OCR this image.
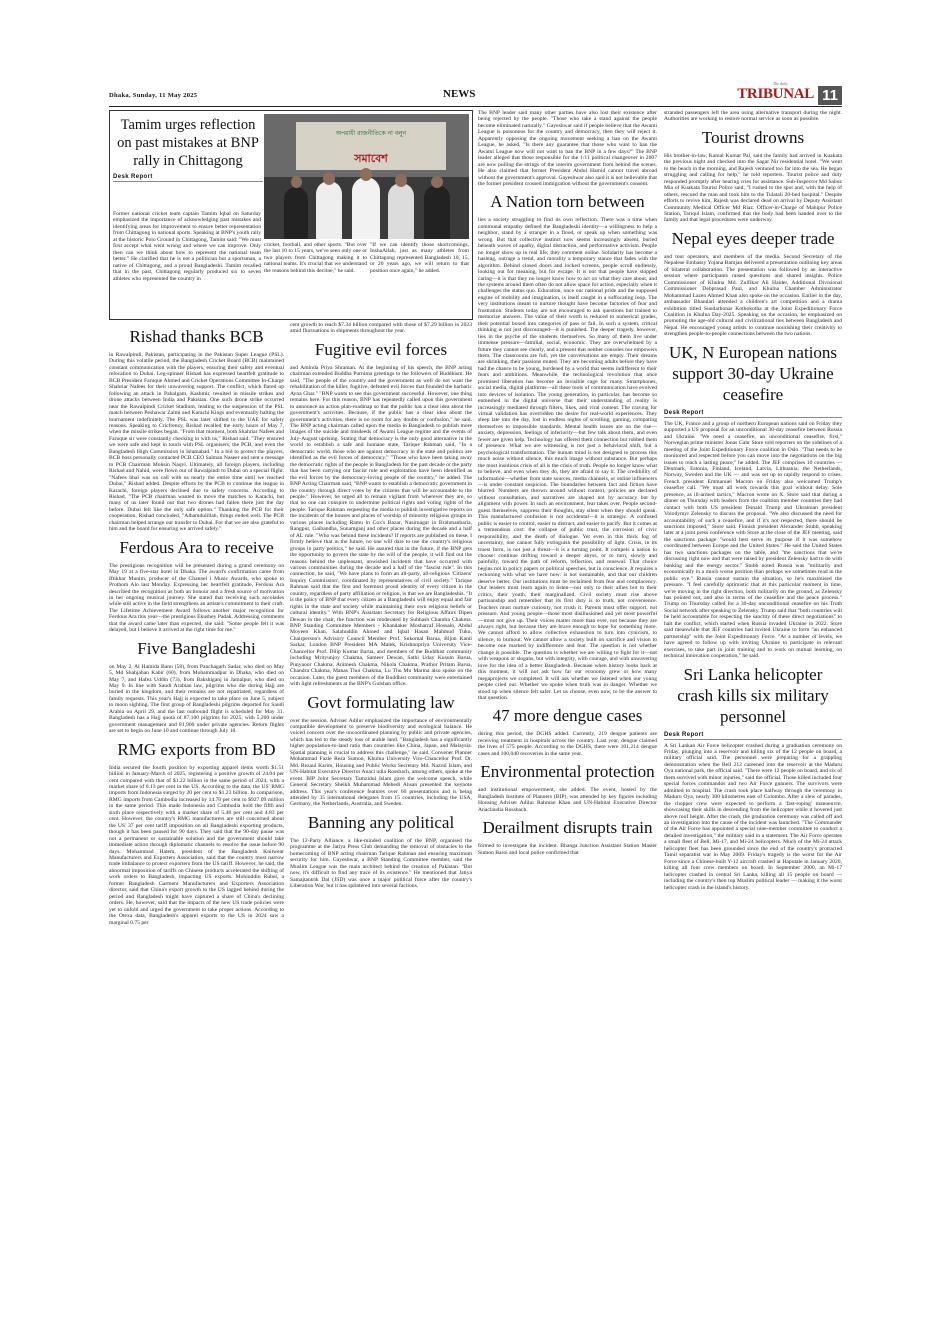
Dhaka, Sunday, 11 May 2025	NEWS
The daily
TRIBUNAL 11
Tamim urges reflection on past mistakes at BNP rally in Chittagong
Desk Report
অপরাধী রাজনীতিকে না বলুন
সমাবেশ
Former national cricket team captain Tamim Iqbal on Saturday emphasized the importance of acknowledging past mistakes and identifying areas for improvement to ensure better representation from Chittagong in national sports. Speaking at BNP's youth rally at the historic Polo Ground in Chittagong, Tamim said: "We must first accept what went wrong and where we can improve. Only then can we think about how to represent the national team better." He clarified that he is not a politician but a sportsman, a native of Chittagong, and a proud Bangladeshi. Tamim recalled that in the past, Chittagong regularly produced six to seven athletes who represented the country in
cricket, football, and other sports. "But over the last 10 to 15 years, we've seen only one or two players from Chittagong making it to national teams. It's crucial that we understand the reasons behind this decline," he said.
"If we can identify those shortcomings, InshaAllah, just as many athletes from Chittagong represented Bangladesh 10, 15, or 20 years ago, we will return to that position once again," he added.
Rishad thanks BCB
in Rawalpindi, Pakistan, participating in the Pakistan Super League (PSL). During this volatile period, the Bangladesh Cricket Board (BCB) maintained constant communication with the players, ensuring their safety and eventual relocation to Dubai. Leg-spinner Rishad has expressed heartfelt gratitude to BCB President Faruque Ahmed and Cricket Operations Committee In-Charge Shahriar Nafees for their unwavering support. The conflict, which flared up following an attack in Pahalgam, Kashmir, resulted in missile strikes and drone attacks between India and Pakistan. One such drone strike occurred near the Rawalpindi Cricket Stadium, leading to the suspension of the PSL match between Peshawar Zalmi and Karachi Kings and eventually halting the tournament indefinitely. The PSL was later shifted to the UAE for safety reasons. Speaking to Cricfrenzy, Rishad recalled the early hours of May 7, when the missile strikes began. "From that moment, both Shahriar Nafees and Faruque sir were constantly checking in with us," Rishad said. "They ensured we were safe and kept in touch with PSL organisers, the PCB, and even the Bangladesh High Commission in Islamabad." In a bid to protect the players, BCB boss personally contacted PCB CEO Salman Naseer and sent a message to PCB Chairman Mohsin Naqvi. Ultimately, all foreign players, including Rishad and Nahid, were flown out of Rawalpindi to Dubai on a special flight. "Nafees bhai was on call with us nearly the entire time until we reached Dubai," Rishad added. Despite efforts by the PCB to continue the league in Karachi, foreign players declined due to safety concerns. According to Rishad, "The PCB chairman wanted to move the matches to Karachi, but many of us later found out that two drones had fallen there just the day before. Dubai felt like the only safe option." Thanking the PCB for their cooperation, Rishad concluded, "Alhamdulillah, things ended well. The PCB chairman helped arrange our transfer to Dubai. For that we are also grateful to him and the board for ensuring we arrived safely."
Ferdous Ara to receive
The prestigious recognition will be presented during a grand ceremony on May 19 at a five-star hotel in Dhaka. The award's confirmation came from Iftikhar Munim, producer of the Channel i Music Awards, who spoke to Prothom Alo last Monday. Expressing her heartfelt gratitude, Ferdous Ara described the recognition as both an honour and a fresh source of motivation in her ongoing musical journey. She stated that receiving such accolades while still active in the field strengthens an artiste's commitment to their craft. The Lifetime Achievement Award follows another major recognition for Ferdous Ara this year—the prestigious Ekushey Padak. Addressing comments that the award came later than expected, she said: "Some people felt it was delayed, but I believe it arrived at the right time for me."
Five Bangladeshi
on May 2, Al Hamida Banu (58), from Panchagarh Sadar, who died on May 5, Md Shahjahan Kabir (60), from Mohammadpur in Dhaka, who died on May 7, and Hafez Uddin (73), from Bakshiganj in Jamalpur, who died on May 9. In line with Saudi Arabian law, pilgrims who die during Hajj are buried in the kingdom, and their remains are not repatriated, regardless of family requests. This year's Hajj is expected to take place on June 5, subject to moon sighting. The first group of Bangladeshi pilgrims departed for Saudi Arabia on April 29, and the last outbound flight is scheduled for May 31. Bangladesh has a Hajj quota of 87,100 pilgrims for 2025, with 5,200 under government management and 81,900 under private agencies. Return flights are set to begin on June 10 and continue through July 10.
RMG exports from BD
India secured the fourth position by exporting apparel items worth $1.51 billion in January-March of 2025, registering a positive growth of 24.04 per cent compared with that of $1.22 billion in the same period of 2024, with a market share of 6.13 per cent in the US. According to the data, the US' RMG imports from Indonesia surged by 20 per cent to $1.23 billion. In comparison, RMG imports from Cambodia increased by 14.70 per cent to $927.09 million in the same period. This made Indonesia and Cambodia hold the fifth and sixth place respectively with a market share of 5.48 per cent and 4.83 per cent. However, the country's RMG manufacturers are still concerned about the US' 37 per cent tariff imposition on all Bangladeshi exporting products, though it has been paused for 90 days. They said that the 90-day pause was not a permanent or sustainable solution and the government should take immediate action through diplomatic channels to resolve the issue before 90 days. Mohammad Hatem, president of the Bangladesh Knitwear Manufacturers and Exporters Association, said that the country must narrow trade imbalance to protect exporters from the US tariff. However, he said, the abnormal imposition of tariffs on Chinese products accelerated the shifting of work orders to Bangladesh, impacting US exports. Mohiuddin Rubel, a former Bangladesh Garment Manufacturers and Exporters Association director, said that China's export growth to the US lagged behind during the period and Bangladesh might have captured a share of China's declining orders. He, however, said that the impacts of the new US trade policies were yet to unfold and urged the government to take proper actions. According to the Otexa data, Bangladesh's apparel exports to the US in 2024 saw a marginal 0.75 per
cent growth to reach $7.34 billion compared with those of $7.29 billion in 2023 amid fluctuations in shipments throughout the year.
Fugitive evil forces
and Aminda Priya Shraman. At the beginning of his speech, the BNP acting chairman extended Buddha Purnima greetings to the followers of Buddhism. He said, "The people of the country and the government as well do not want the rehabilitation of the killer, fugitive, defeated evil forces that founded the barbaric Ayna Ghar." "BNP wants to see this government successful. However, one thing remains here. For this reason, BNP has repeatedly called upon this government to announce an action plan-roadmap so that the public has a clear idea about the government's activities. Because, if the public has a clear idea about the government's activities, there is no room for any doubts or confusion," he said. The BNP acting chairman called upon the media in Bangladesh to publish more images of the suicide and misdeeds of Awami League regime and the events of July-August uprising. Stating that democracy is the only good alternative in the world to establish a safe and humane state, Tarique Rahman said, "In a democratic world, those who are against democracy in the state and politics are identified as the evil forces of democracy." "Those who have been taking away the democratic rights of the people in Bangladesh for the past decade or the party that has been carrying out fascist rule and exploitation have been identified as the evil forces by the democracy-loving people of the country," he added. The BNP Acting Chairman said, "BNP wants to establish a democratic government in the country through direct votes by the citizens that will be accountable to the people." However, he urged all to remain vigilant from 'wherever they are, so that no one can conspire to undermine political rights and voting rights of the people. Tarique Rahman requesting the media to publish investigative reports on the incidents of the houses and places of worship of minority religious groups in various places including Ramu in Cox's Bazar, Nasirnagar in Brahmanbaria, Rangpur, Gaibandha, Sunamganj and other places during the decade and a half of AL rule. "Who was behind these incidents? If reports are published on these, I firmly believe that in the future, no one will dare to use the country's religious groups in party politics," he said. He assured that in the future, if the BNP gets the opportunity to govern the state by the will of the people, it will find out the reasons behind the unpleasant, unwished incidents that have occurred with various communities during the decade and a half of the "fascist rule". In this connection, he said, "We have plans to form an all-party, all-religious 'Citizens' Inquiry Commission', coordinated by representatives of civil society." Tarique Rahman said that the first and foremost proud identity of every citizen in the country, regardless of party affiliation or religion, is that we are Bangladeshis. "It is the policy of BNP that every citizen as a Bangladeshi will enjoy equal and fair rights in the state and society while maintaining their own religious beliefs or cultural identity." With BNP's Assistant Secretary for Religious Affairs Dipen Dewan in the chair, the function was moderated by Subhash Chandra Chakma. BNP Standing Committee Members - Khandaker Mosharraf Hossain, Abdul Moyeen Khan, Salahuddin Ahmed and Iqbal Hasan Mahmud Tuku, Chairperson's Advisory Council Member Prof. Sukomal Barua, Bijon Kanti Sarkar, London BNP President MA Malek, Krishnopriya University Vice-Chancellor Prof. Dilip Kumar Barua, and members of the Buddhist community including Mrityunjoy Chakma, Sameer Dewan, Sathi Uday Kusum Barua, Punyaoor Chakma, Animesh Chakma, Nikola Chakma, Prathur Pritam Barua, Chandra Chakma, Manas Thui Chakma, Lu Thu Mu Marma also spoke on the occasion. Later, the guest members of the Buddhist community were entertained with light refreshments at the BNP's Gulshan office.
Govt formulating law
over the session. Adviser Adilur emphasized the importance of environmentally compatible development to preserve biodiversity and ecological balance. He voiced concern over the uncoordinated planning by public and private agencies, which has led to the steady loss of arable land. "Bangladesh has a significantly higher population-to-land ratio than countries like China, Japan, and Malaysia. Spatial planning is crucial to address this challenge," he said. Convener Planner Mohammad Fazle Reza Sumon, Khulna University Vice-Chancellor Prof. Dr. Md. Rezaul Karim, Housing and Public Works Secretary Md. Nazrul Islam, and UN-Habitat Executive Director Anacl udia Rossbach, among others, spoke at the event. BIP Joint Secretary Tamzidul Islam gave the welcome speech, while General Secretary Sheikh Muhammad Mehedi Ahsan presented the keynote address. This year's conference features over 60 presentations and is being attended by 35 international delegates from 15 countries, including the USA, Germany, the Netherlands, Australia, and Sweden.
Banning any political
The 12-Party Alliance, a like-minded coalition of the BNP, organised the programme at the Jatiya Press Club demanding the removal of obstacles to the homecoming of BNP acting chairman Tarique Rahman and ensuring maximum security for him. Gayeshwar, a BNP Standing Committee member, said the Muslim League was the main architect behind the creation of Pakistan. "But now, it's difficult to find any trace of its existence." He mentioned that Jatiya Samajtantrik Dal (JSD) was once a major political force after the country's Liberation War, but it has splintered into several factions.
The BNP leader said many other parties have also lost their existence after being rejected by the people. "Those who take a stand against the people become eliminated naturally." Gayeshwar said if people believe that the Awami League is poisonous for the country and democracy, then they will reject it. Apparently opposing the ongoing movement seeking a ban on the Awami League, he asked, "Is there any guarantee that those who want to ban the Awami League now will not want to ban the BNP in a few days?" The BNP leader alleged that those responsible for the 1/11 political changeover in 2007 are now pulling the strings of the interim government from behind the scenes. He also claimed that former President Abdul Hamid cannot travel abroad without the government's approval. Gayeshwar also said it is not believable that the former president crossed immigration without the government's consent.
A Nation torn between
lies a society struggling to find its own reflection. There was a time when communal empathy defined the Bangladeshi identity—a willingness to help a neighbor, stand by a stranger in a flood, or speak up when something was wrong. But that collective instinct now seems increasingly absent, buried beneath waves of apathy, digital distraction, and performative activism. People no longer show up in real life; they comment online. Solidarity has become a hashtag, outrage a trend, and morality a temporary stance that fades with the algorithm. Behind closed doors and locked screens, people scroll endlessly, looking out for meaning, but for escape. It is not that people have stopped caring—it is that they no longer know how to act on what they care about, and the systems around them often do not allow space for action, especially when it challenges the status quo. Education, once our national pride and the supposed engine of mobility and imagination, is itself caught in a suffocating loop. The very institutions meant to nurture thought have become factories of fear and frustration. Students today are not encouraged to ask questions but trained to memorize answers. The value of their worth is reduced to numerical grades, their potential boxed into categories of pass or fail. In such a system, critical thinking is not just discouraged—it is punished. The deeper tragedy, however, lies in the psyche of the students themselves. So many of them live under immense pressure—familial, social, economic. They are overwhelmed by a future they cannot see clearly, and a present that neither consoles nor empowers them. The classrooms are full, yet the conversations are empty. Their dreams are shrinking, their passions muted. They are becoming adults before they have had the chance to be young, burdened by a world that seems indifferent to their fears and ambitions. Meanwhile, the technological revolution that once promised liberation has become an invisible cage for many. Smartphones, social media, digital platforms—all these tools of communication have evolved into devices of isolation. The young generation, in particular, has become so enmeshed in the digital universe that their understanding of reality is increasingly mediated through filters, likes, and viral content. The craving for virtual validation has overridden the desire for real-world experiences. They sleep late into the day, lost in endless nights of scrolling, gaming, comparing themselves to impossible standards. Mental health issues are on the rise—anxiety, depression, feelings of inferiority—but few talk about them, and even fewer are given help. Technology has offered them connection but robbed them of presence. What we are witnessing is not just a behavioral shift, but a psychological transformation. The human mind is not designed to process this much noise without silence, this much image without substance. But perhaps the most insidious crisis of all is the crisis of truth. People no longer know what to believe, and even when they do, they are afraid to say it. The credibility of information—whether from state sources, media channels, or online influencers—is under constant suspicion. The boundaries between fact and fiction have blurred. Numbers are thrown around without context, policies are declared without consultation, and narratives are shaped not by accuracy but by alignment with power. In such an environment, fear takes over. People second-guess themselves, suppress their thoughts, stay silent when they should speak. This manufactured confusion is not accidental—it is strategic. A confused public is easier to control, easier to distract, and easier to pacify. But it comes at a tremendous cost: the collapse of public trust, the corrosion of civic responsibility, and the death of dialogue. Yet even in this thick fog of uncertainty, one cannot fully extinguish the possibility of light. Crisis, in its truest form, is not just a threat—it is a turning point. It compels a nation to choose: continue drifting toward a deeper abyss, or to turn, slowly and painfully, toward the path of reform, reflection, and renewal. That choice begins not in policy papers or political speeches, but in conscience. It requires a reckoning with what we have now: is not sustainable, and that our children deserve better. Our institutions must be reclaimed from fear and complacency. Our leaders must learn again to listen—not only to their allies but to their critics, their youth, their marginalized. Civil society must rise above partisanship and remember that its first duty is to truth, not convenience. Teachers must nurture curiosity, not crush it. Parents must offer support, not pressure. And young people—those most disillusioned and yet most powerful—must not give up. Their voices matter more than ever, not because they are always right, but because they are brave enough to hope for something more. We cannot afford to allow collective exhaustion to turn into cynicism, to silence, to burnout. We cannot allow a society built on sacrifice and vision to become one marked by indifference and fear. The question is not whether change is possible. The question is whether we are willing to fight for it—not with weapons or slogans, but with integrity, with courage, and with unwavering love for the idea of a better Bangladesh. Because when history looks back at this moment, it will not ask how far our economy grew or how many megaprojects we completed. It will ask whether we listened when our young people cried out. Whether we spoke when truth was in danger. Whether we stood up when silence felt safer. Let us choose, even now, to be the answer to that question.
47 more dengue cases
during this period, the DGHS added. Currently, 219 dengue patients are receiving treatment in hospitals across the country. Last year, dengue claimed the lives of 575 people. According to the DGHS, there were 101,214 dengue cases and 100,040 recoveries in the same year.
Environmental protection
and institutional empowerment, she added. The event, hosted by the Bangladesh Institute of Planners (BIP), was attended by key figures including Housing Adviser Adilur Rahman Khan and UN-Habitat Executive Director Anaclaudia Rossbach.
Derailment disrupts train
formed to investigate the incident. Bhanga Junction Assistant Station Master Sumon Baroi and local police confirmed that
stranded passengers left the area using alternative transport during the night. Authorities are working to restore normal service as soon as possible.
Tourist drowns
His brother-in-law, Kamal Kumar Pal, said the family had arrived in Kuakata the previous night and checked into the Sagar Nir residential hotel. "We went to the beach in the morning, and Rajesh ventured too far into the sea. He began struggling and calling for help," he told reporters. Tourist police and duty responded promptly after hearing cries for assistance. Sub-Inspector Md Sabuz Mia of Kuakata Tourist Police said, "I rushed to the spot and, with the help of others, rescued the man and took him to the Tulatali 20-bed hospital." Despite efforts to revive him, Rajesh was declared dead on arrival by Deputy Assistant Community Medical Officer Md Riaz. Officer-in-Charge of Mahipur Police Station, Tariqul Islam, confirmed that the body had been handed over to the family and that legal procedures were underway.
Nepal eyes deeper trade
and tour operators, and members of the media. Second Secretary of the Nepalese Embassy Yojana Bamjan delivered a presentation outlining key areas of bilateral collaboration. The presentation was followed by an interactive session where participants raised questions and shared insights. Police Commissioner of Khulna Md. Zulfikar Ali Haider, Additional Divisional Commissioner Debprasad Paul, and Khulna Chamber Administrator Mohammad Lazen Ahmed Khan also spoke on the occasion. Earlier in the day, ambassador Bhandari attended a children's art competition and a drama exhibition titled Sundarbonar Kothokotha at the Joint Expeditionary Force Coalition in Khulna Day-2025. Speaking on the occasion, he emphasized on promoting the age-old cultural and civilizational ties between Bangladesh and Nepal. He encouraged young artists to continue nourishing their creativity to strengthen people-to-people connections between the two nations.
UK, N European nations support 30-day Ukraine ceasefire
Desk Report
The UK, France and a group of northern European nations said on Friday they supported a US proposal for an unconditional 30-day ceasefire between Russia and Ukraine. "We need a ceasefire, an unconditional ceasefire, first," Norwegian prime minister Jonas Gahr Store told reporters on the sidelines of a meeting of the Joint Expeditionary Force coalition in Oslo. "That needs to be monitored and respected before you can move into the negotiations on the big issues to reach a lasting peace," he added. The JEF comprises 10 countries — Denmark, Estonia, Finland, Iceland, Latvia, Lithuania, the Netherlands, Norway, Sweden and the UK — and was set up to rapidly respond to crises. French president Emmanuel Macron on Friday also welcomed Trump's ceasefire call. "We must all work towards this goal without delay. Sole presence, as ill-armed tactics," Macron wrote on X. Store said that during a dinner on Thursday with leaders from the coalition member countries they had contact with both US president Donald Trump and Ukrainian president Volodymyr Zelensky to discuss the proposal. "We also discussed the need for accountability of such a ceasefire, and if it's not respected, there should be sanctions imposed," Store said. Finnish president Alexander Stubb, speaking later at a joint press conference with Store at the close of the JEF meeting, said the sanctions package "would best serve its purpose if it was somehow coordinated between Europe and the United States." He said the United States has two sanctions packages on the table, and "the sanctions that we're discussing right now and that were raised by president Zelensky had to do with banking and the energy sector." Stubb noted Russia was "militarily and economically in a much worse position than perhaps we sometimes read in the public eye." Russia cannot sustain the situation, so he's maximised the pressure. "I feel carefully optimistic that at this particular moment in time, we're moving in the right direction, both militarily on the ground, as Zelensky has pointed out, and also in terms of the ceasefire and the peace process." Trump on Thursday called for a 30-day unconditional ceasefire on his Truth Social network after speaking to Zelensky. Trump said that "both countries will be held accountable for respecting the sanctity of these direct negotiations" to halt the conflict, which started when Russia invaded Ukraine in 2022. Store said meanwhile that JEF countries had invited Ukraine to form "an enhanced partnership" with the Joint Expeditionary Force. "At a number of levels, we have agreed to follow up with inviting Ukraine to participate in relevant exercises, to take part in joint training and to work on mutual learning, on technical innovation cooperation," he said.
Sri Lanka helicopter crash kills six military personnel
Desk Report
A Sri Lankan Air Force helicopter crashed during a graduation ceremony on Friday, plunging into a reservoir and killing six of the 12 people on board, a military official said. The personnel were preparing for a grappling demonstration when the Bell 212 careened into the reservoir at the Maduru Oya national park, the official said. "There were 12 people on board, and six of them survived with minor injuries," said the official. Those killed included four special forces commandos and two Air Force gunners. The survivors were admitted to hospital. The crash took place halfway through the ceremony in Maduru Oya, nearly 300 kilometres east of Colombo. After a slew of parades, the chopper crew were expected to perform a 'fast-roping' manoeuvre, showcasing their skills in descending from the helicopter while it hovered just above roof height. After the crash, the graduation ceremony was called off and an investigation into the cause of the incident was launched. "The Commander of the Air Force has appointed a special nine-member committee to conduct a detailed investigation," the military said in a statement. The Air Force operates a small fleet of Bell, Mi-17, and Mi-24 helicopters. Much of the Mi-24 attack helicopter fleet has been grounded since the end of the country's protracted Tamil separatist war in May 2009. Friday's tragedy is the worst for the Air Force since a Chinese-built Y-12 aircraft crashed at Haputale in January 2020, killing all four crew members on board. In September 2000, an Mi-17 helicopter crashed in central Sri Lanka, killing all 15 people on board — including the country's then top Muslim political leader — making it the worst helicopter crash in the island's history.
